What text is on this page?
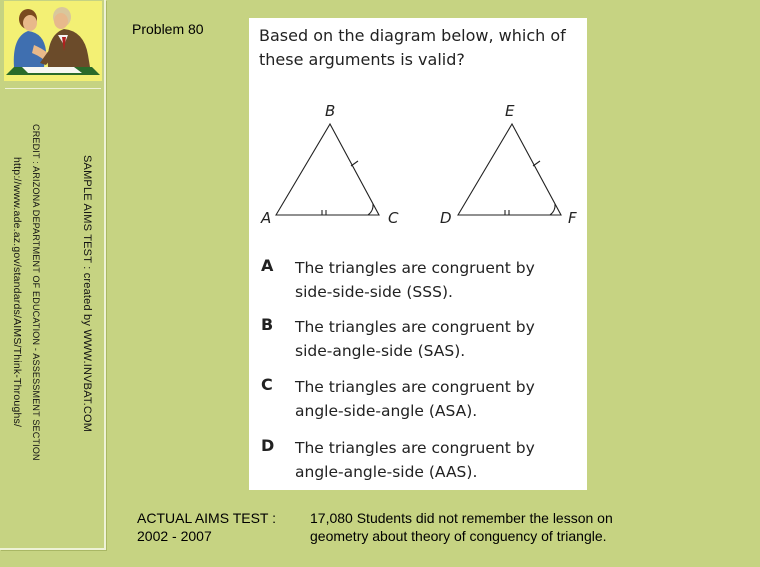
CREDIT : ARIZONA DEPARTMENT OF EDUCATION - ASSESSMENT SECTION
http://www.ade.az.gov/standards/AIMS/Think-Throughs/	SAMPLE AIMS TEST : created by WWW.INVBAT.COM
Problem 80	Based on the diagram below, which of these arguments is valid?
B
A	C
E
D	F
A The triangles are congruent by
side-side-side (SSS).
B The triangles are congruent by
side-angle-side (SAS).
C The triangles are congruent by
angle-side-angle (ASA).
D The triangles are congruent by
angle-angle-side (AAS).
ACTUAL AIMS TEST :
2002 - 2007
17,080 Students did not remember the lesson on
geometry about theory of conguency of triangle.
